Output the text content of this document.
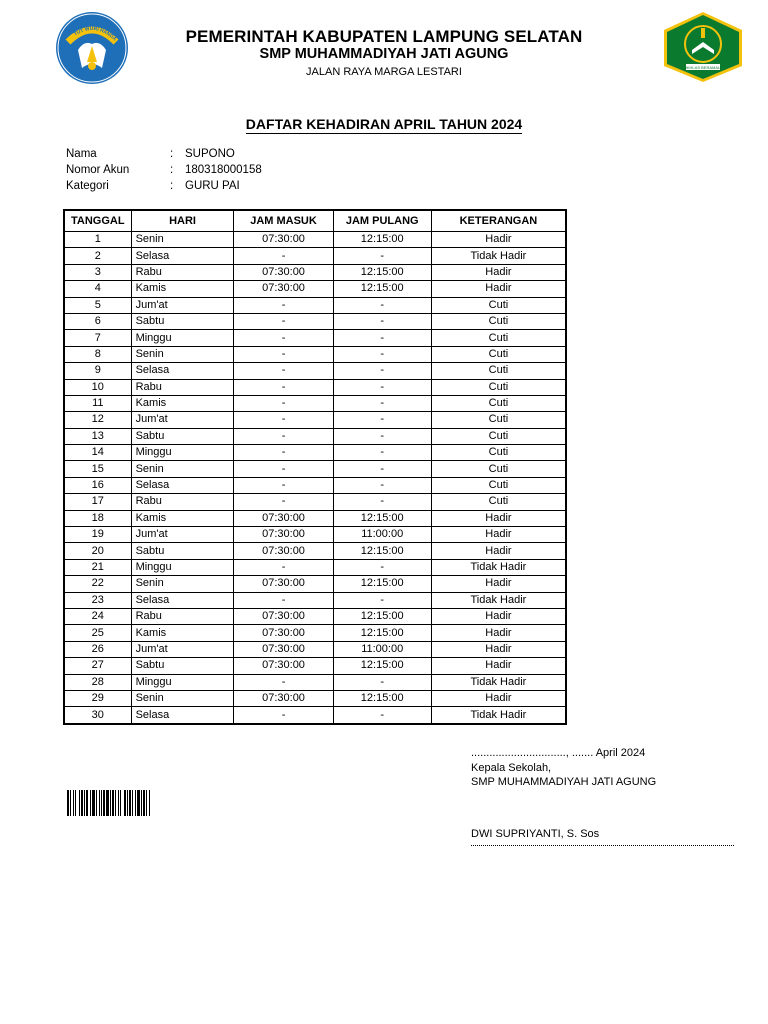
TUT WURI HANDA
IKHLAS BERAMAL
PEMERINTAH KABUPATEN LAMPUNG SELATAN
SMP MUHAMMADIYAH JATI AGUNG
JALAN RAYA MARGA LESTARI
DAFTAR KEHADIRAN APRIL TAHUN 2024
Nama	: SUPONO
Nomor Akun	: 180318000158
Kategori	: GURU PAI
TANGGAL	HARI	JAM MASUK	JAM PULANG	KETERANGAN
1	Senin	07:30:00	12:15:00	Hadir
2	Selasa	-	-	Tidak Hadir
3	Rabu	07:30:00	12:15:00	Hadir
4	Kamis	07:30:00	12:15:00	Hadir
5	Jum'at	-	-	Cuti
6	Sabtu	-	-	Cuti
7	Minggu	-	-	Cuti
8	Senin	-	-	Cuti
9	Selasa	-	-	Cuti
10	Rabu	-	-	Cuti
11	Kamis	-	-	Cuti
12	Jum'at	-	-	Cuti
13	Sabtu	-	-	Cuti
14	Minggu	-	-	Cuti
15	Senin	-	-	Cuti
16	Selasa	-	-	Cuti
17	Rabu	-	-	Cuti
18	Kamis	07:30:00	12:15:00	Hadir
19	Jum'at	07:30:00	11:00:00	Hadir
20	Sabtu	07:30:00	12:15:00	Hadir
21	Minggu	-	-	Tidak Hadir
22	Senin	07:30:00	12:15:00	Hadir
23	Selasa	-	-	Tidak Hadir
24	Rabu	07:30:00	12:15:00	Hadir
25	Kamis	07:30:00	12:15:00	Hadir
26	Jum'at	07:30:00	11:00:00	Hadir
27	Sabtu	07:30:00	12:15:00	Hadir
28	Minggu	-	-	Tidak Hadir
29	Senin	07:30:00	12:15:00	Hadir
30	Selasa	-	-	Tidak Hadir
..............................., ....... April 2024
Kepala Sekolah,
SMP MUHAMMADIYAH JATI AGUNG
DWI SUPRIYANTI, S. Sos
